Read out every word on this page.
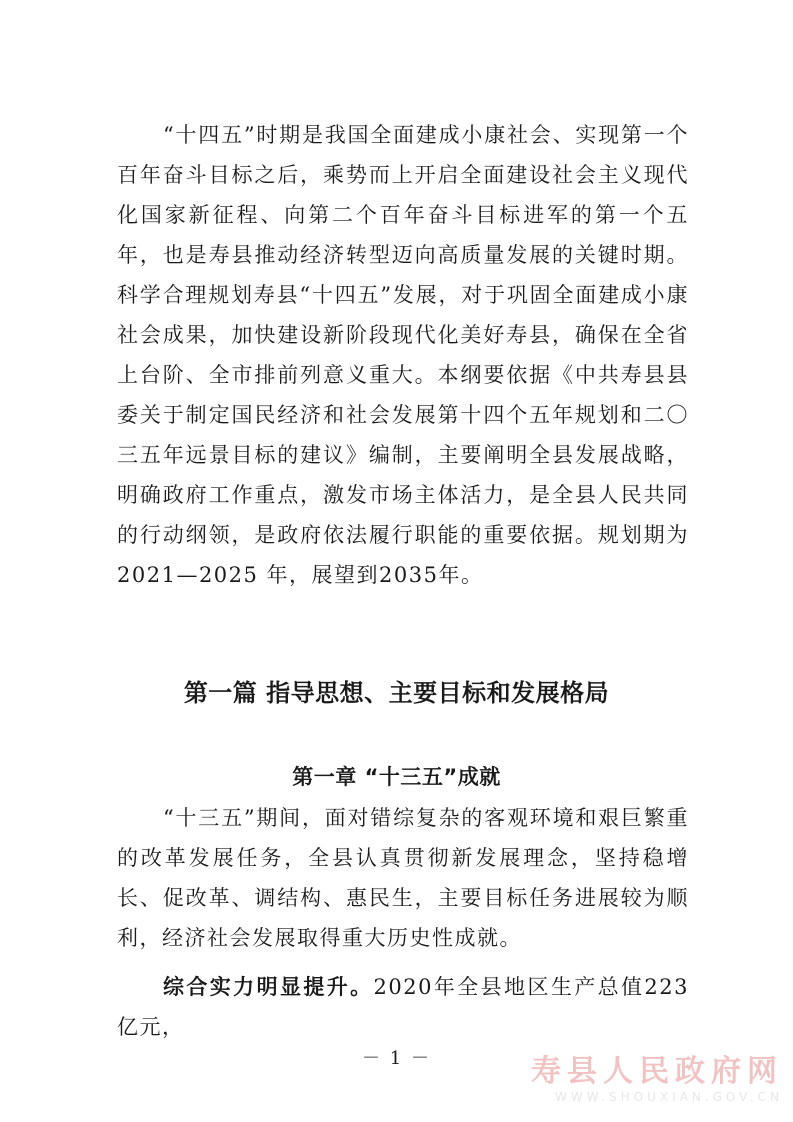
“十四五”时期是我国全面建成小康社会、实现第一个百年奋斗目标之后，乘势而上开启全面建设社会主义现代化国家新征程、向第二个百年奋斗目标进军的第一个五年，也是寿县推动经济转型迈向高质量发展的关键时期。科学合理规划寿县“十四五”发展，对于巩固全面建成小康社会成果，加快建设新阶段现代化美好寿县，确保在全省上台阶、全市排前列意义重大。本纲要依据《中共寿县县委关于制定国民经济和社会发展第十四个五年规划和二〇三五年远景目标的建议》编制，主要阐明全县发展战略，明确政府工作重点，激发市场主体活力，是全县人民共同的行动纲领，是政府依法履行职能的重要依据。规划期为 2021—2025 年，展望到2035年。

第一篇 指导思想、主要目标和发展格局
第一章 “十三五”成就

“十三五”期间，面对错综复杂的客观环境和艰巨繁重的改革发展任务，全县认真贯彻新发展理念，坚持稳增长、促改革、调结构、惠民生，主要目标任务进展较为顺利，经济社会发展取得重大历史性成就。

综合实力明显提升。2020年全县地区生产总值223亿元，

－ 1 －	寿县人民政府网
WWW.SHOUXIAN.GOV.CN
